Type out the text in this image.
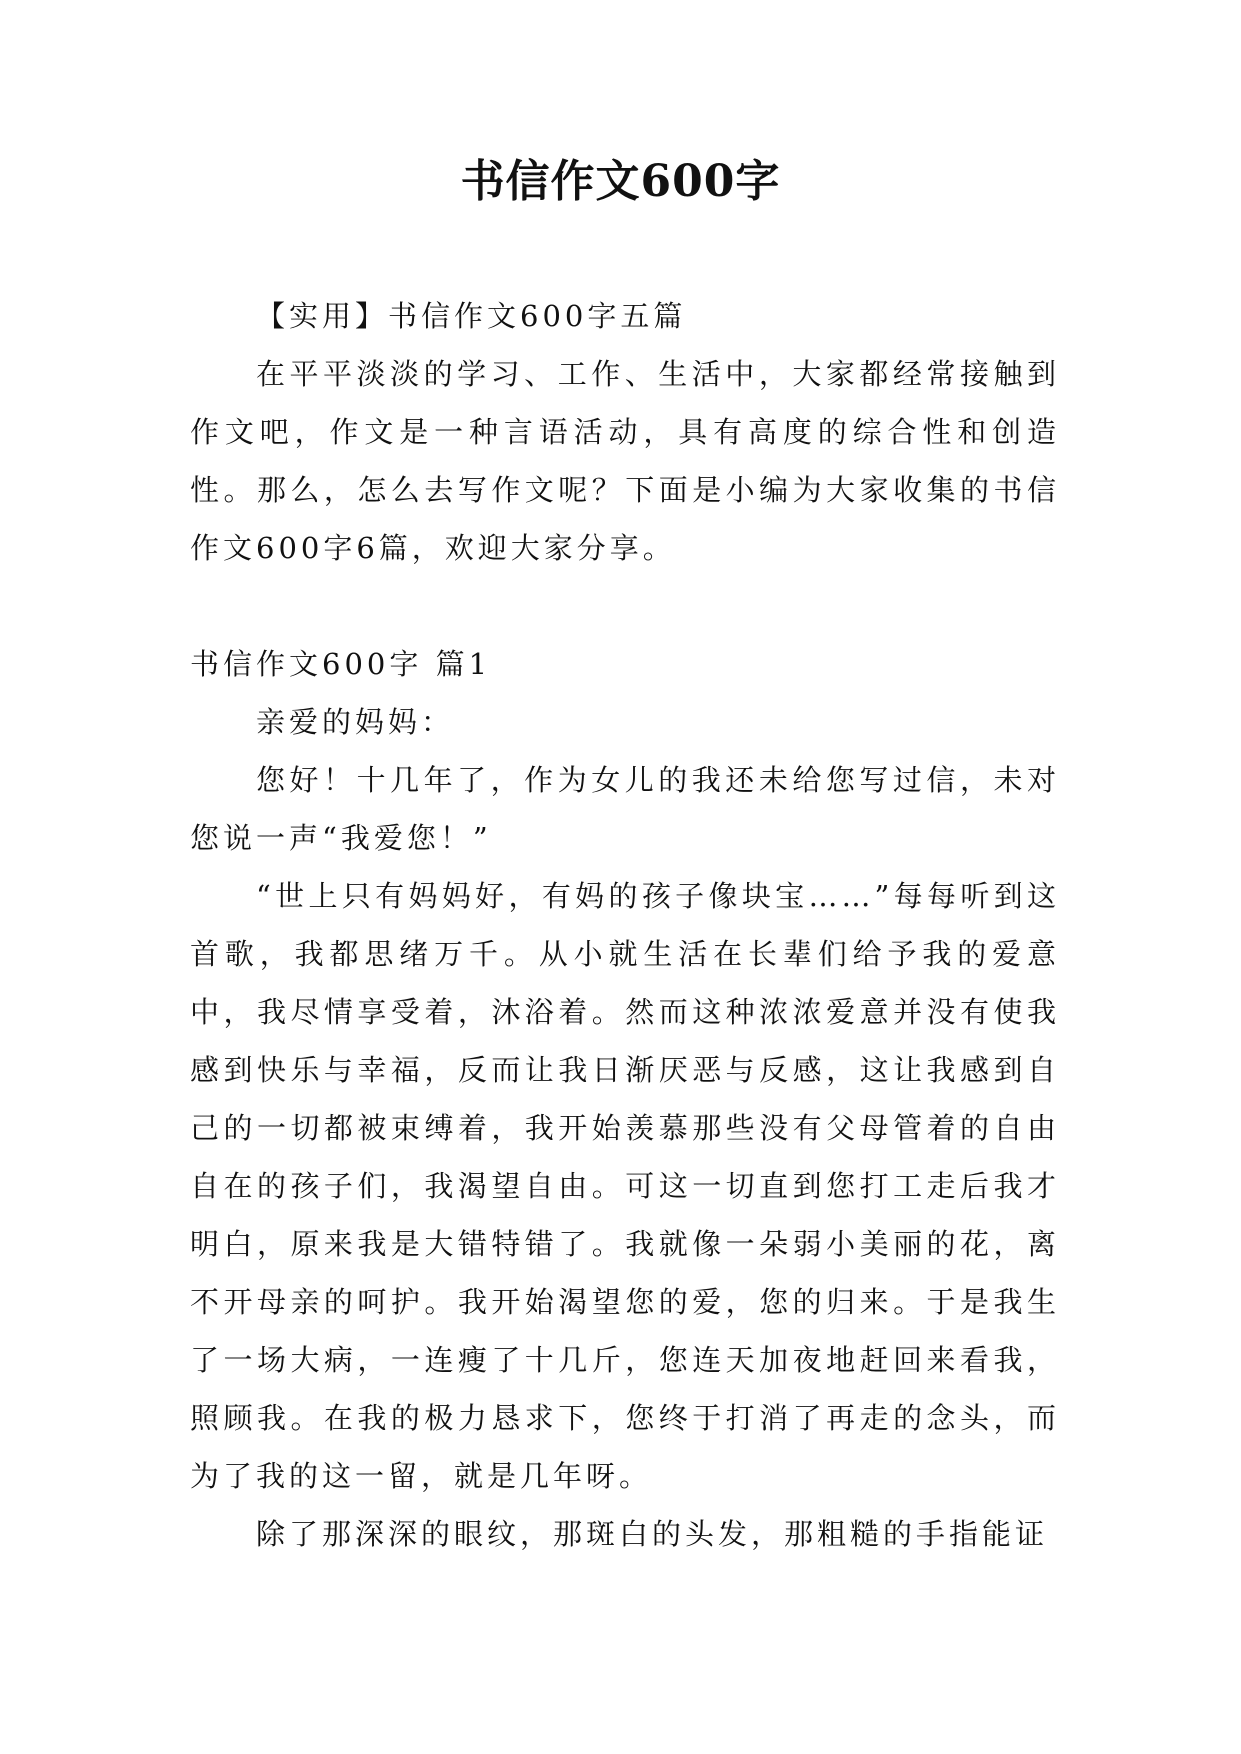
书信作文600字

【实用】书信作文600字五篇

在平平淡淡的学习、工作、生活中，大家都经常接触到作文吧，作文是一种言语活动，具有高度的综合性和创造性。那么，怎么去写作文呢？下面是小编为大家收集的书信作文600字6篇，欢迎大家分享。

书信作文600字 篇1

亲爱的妈妈：

您好！十几年了，作为女儿的我还未给您写过信，未对您说一声“我爱您！”

“世上只有妈妈好，有妈的孩子像块宝……”每每听到这首歌，我都思绪万千。从小就生活在长辈们给予我的爱意中，我尽情享受着，沐浴着。然而这种浓浓爱意并没有使我感到快乐与幸福，反而让我日渐厌恶与反感，这让我感到自己的一切都被束缚着，我开始羡慕那些没有父母管着的自由自在的孩子们，我渴望自由。可这一切直到您打工走后我才明白，原来我是大错特错了。我就像一朵弱小美丽的花，离不开母亲的呵护。我开始渴望您的爱，您的归来。于是我生了一场大病，一连瘦了十几斤，您连天加夜地赶回来看我，照顾我。在我的极力恳求下，您终于打消了再走的念头，而为了我的这一留，就是几年呀。

除了那深深的眼纹，那斑白的头发，那粗糙的手指能证
